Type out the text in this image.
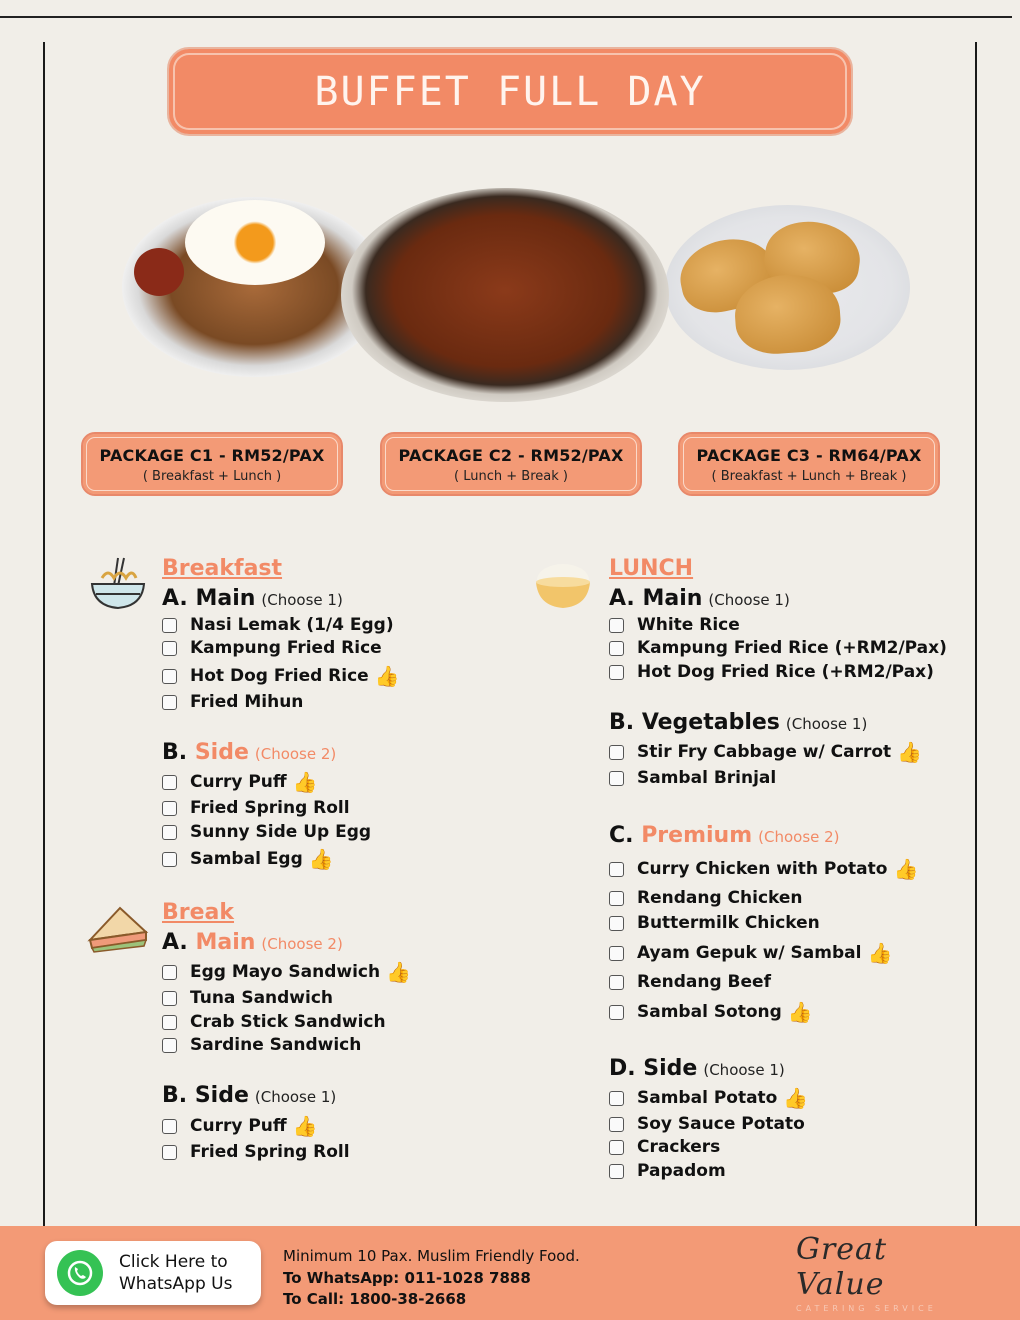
BUFFET FULL DAY
PACKAGE C1 - RM52/PAX
( Breakfast + Lunch )
PACKAGE C2 - RM52/PAX
( Lunch + Break )
PACKAGE C3 - RM64/PAX
( Breakfast + Lunch + Break )
Breakfast
A. Main (Choose 1)
Nasi Lemak (1/4 Egg)
Kampung Fried Rice
Hot Dog Fried Rice 👍
Fried Mihun
B. Side (Choose 2)
Curry Puff 👍
Fried Spring Roll
Sunny Side Up Egg
Sambal Egg 👍
Break
A. Main (Choose 2)
Egg Mayo Sandwich 👍
Tuna Sandwich
Crab Stick Sandwich
Sardine Sandwich
B. Side (Choose 1)
Curry Puff 👍
Fried Spring Roll
LUNCH
A. Main (Choose 1)
White Rice
Kampung Fried Rice (+RM2/Pax)
Hot Dog Fried Rice (+RM2/Pax)
B. Vegetables (Choose 1)
Stir Fry Cabbage w/ Carrot 👍
Sambal Brinjal
C. Premium (Choose 2)
Curry Chicken with Potato 👍
Rendang Chicken
Buttermilk Chicken
Ayam Gepuk w/ Sambal 👍
Rendang Beef
Sambal Sotong 👍
D. Side (Choose 1)
Sambal Potato 👍
Soy Sauce Potato
Crackers
Papadom
Click Here to WhatsApp Us
Minimum 10 Pax. Muslim Friendly Food.
To WhatsApp: 011-1028 7888
To Call: 1800-38-2668
Great Value
CATERING SERVICE
